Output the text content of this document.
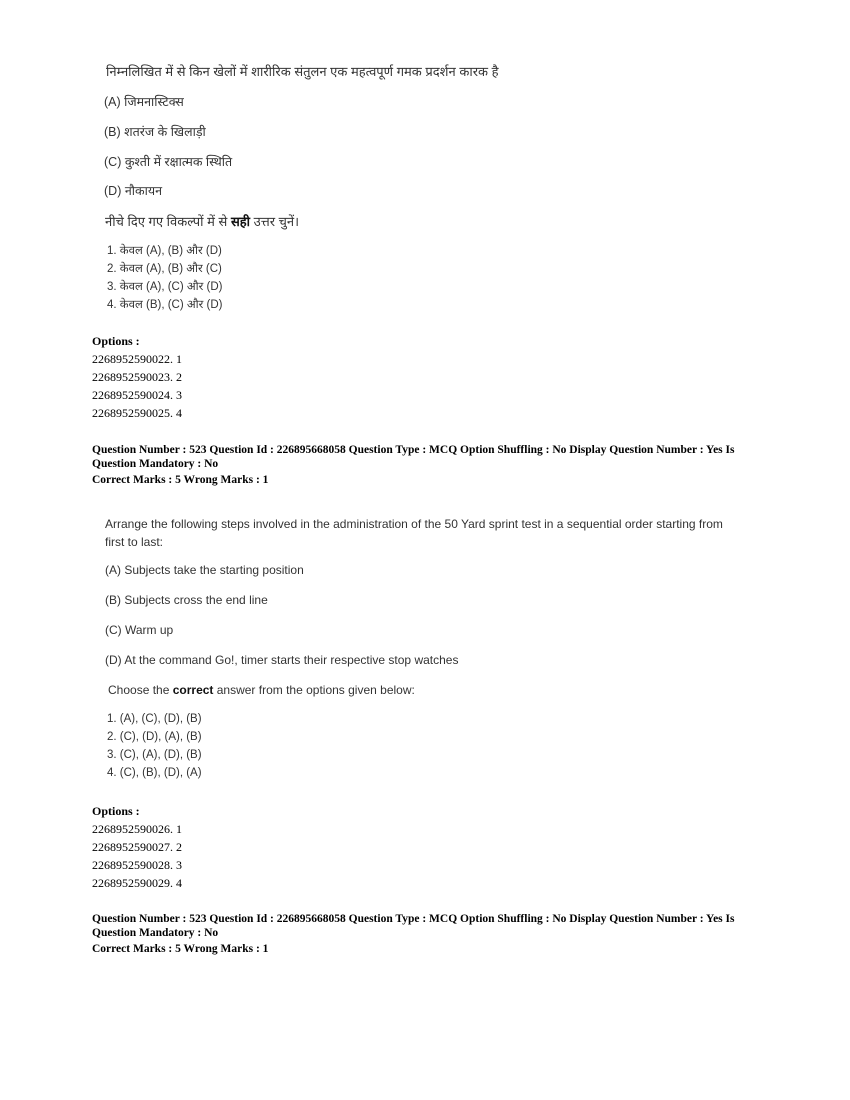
निम्नलिखित में से किन खेलों में शारीरिक संतुलन एक महत्वपूर्ण गमक प्रदर्शन कारक है
(A) जिमनास्टिक्स
(B) शतरंज के खिलाड़ी
(C) कुश्ती में रक्षात्मक स्थिति
(D) नौकायन
नीचे दिए गए विकल्पों में से सही उत्तर चुनें।
1. केवल (A), (B) और (D)
2. केवल (A), (B) और (C)
3. केवल (A), (C) और (D)
4. केवल (B), (C) और (D)
Options :
2268952590022. 1
2268952590023. 2
2268952590024. 3
2268952590025. 4
Question Number : 523 Question Id : 226895668058 Question Type : MCQ Option Shuffling : No Display Question Number : Yes Is Question Mandatory : No
Correct Marks : 5 Wrong Marks : 1
Arrange the following steps involved in the administration of the 50 Yard sprint test in a sequential order starting from first to last:
(A) Subjects take the starting position
(B) Subjects cross the end line
(C) Warm up
(D) At the command Go!, timer starts their respective stop watches
Choose the correct answer from the options given below:
1. (A), (C), (D), (B)
2. (C), (D), (A), (B)
3. (C), (A), (D), (B)
4. (C), (B), (D), (A)
Options :
2268952590026. 1
2268952590027. 2
2268952590028. 3
2268952590029. 4
Question Number : 523 Question Id : 226895668058 Question Type : MCQ Option Shuffling : No Display Question Number : Yes Is Question Mandatory : No
Correct Marks : 5 Wrong Marks : 1
